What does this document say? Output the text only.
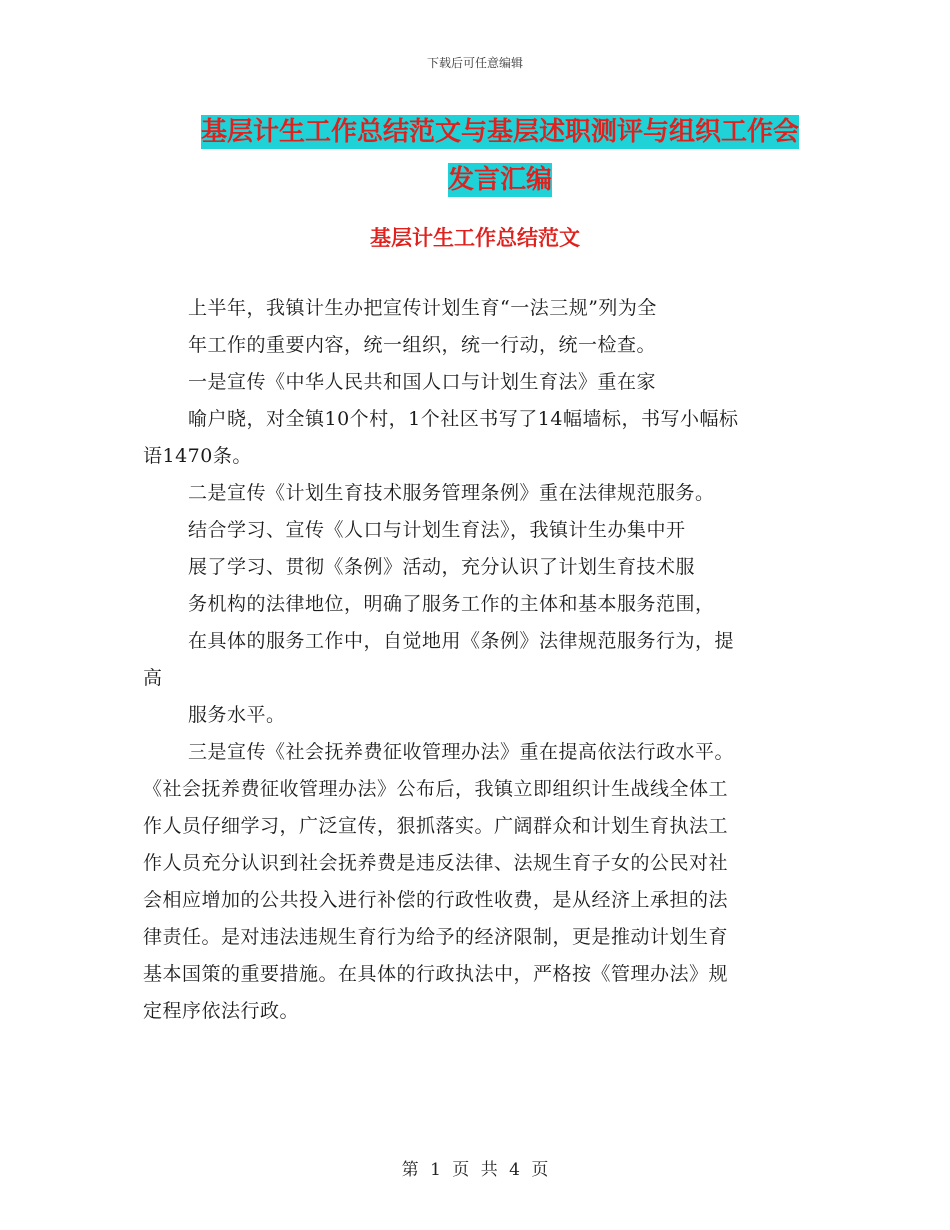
下载后可任意编辑
基层计生工作总结范文与基层述职测评与组织工作会
发言汇编
基层计生工作总结范文
上半年，我镇计生办把宣传计划生育“一法三规”列为全
年工作的重要内容，统一组织，统一行动，统一检查。
一是宣传《中华人民共和国人口与计划生育法》重在家
喻户晓，对全镇10个村，1个社区书写了14幅墙标，书写小幅标
语1470条。
二是宣传《计划生育技术服务管理条例》重在法律规范服务。
结合学习、宣传《人口与计划生育法》，我镇计生办集中开
展了学习、贯彻《条例》活动，充分认识了计划生育技术服
务机构的法律地位，明确了服务工作的主体和基本服务范围，
在具体的服务工作中，自觉地用《条例》法律规范服务行为，提
高
服务水平。
三是宣传《社会抚养费征收管理办法》重在提高依法行政水平。
《社会抚养费征收管理办法》公布后，我镇立即组织计生战线全体工
作人员仔细学习，广泛宣传，狠抓落实。广阔群众和计划生育执法工
作人员充分认识到社会抚养费是违反法律、法规生育子女的公民对社
会相应增加的公共投入进行补偿的行政性收费，是从经济上承担的法
律责任。是对违法违规生育行为给予的经济限制，更是推动计划生育
基本国策的重要措施。在具体的行政执法中，严格按《管理办法》规
定程序依法行政。
第 1 页 共 4 页
